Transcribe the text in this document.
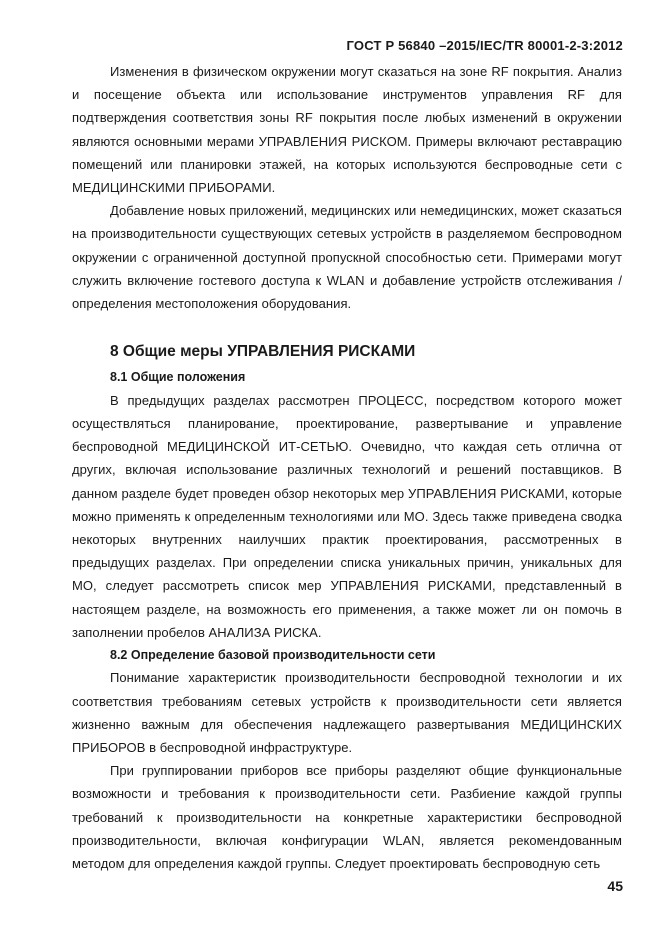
ГОСТ Р 56840 –2015/IEC/TR 80001-2-3:2012

Изменения в физическом окружении могут сказаться на зоне RF покрытия. Анализ и посещение объекта или использование инструментов управления RF для подтверждения соответствия зоны RF покрытия после любых изменений в окружении являются основными мерами УПРАВЛЕНИЯ РИСКОМ. Примеры включают реставрацию помещений или планировки этажей, на которых используются беспроводные сети с МЕДИЦИНСКИМИ ПРИБОРАМИ.

Добавление новых приложений, медицинских или немедицинских, может сказаться на производительности существующих сетевых устройств в разделяемом беспроводном окружении с ограниченной доступной пропускной способностью сети. Примерами могут служить включение гостевого доступа к WLAN и добавление устройств отслеживания / определения местоположения оборудования.

8 Общие меры УПРАВЛЕНИЯ РИСКАМИ
8.1 Общие положения

В предыдущих разделах рассмотрен ПРОЦЕСС, посредством которого может осуществляться планирование, проектирование, развертывание и управление беспроводной МЕДИЦИНСКОЙ ИТ-СЕТЬЮ. Очевидно, что каждая сеть отлична от других, включая использование различных технологий и решений поставщиков. В данном разделе будет проведен обзор некоторых мер УПРАВЛЕНИЯ РИСКАМИ, которые можно применять к определенным технологиями или МО. Здесь также приведена сводка некоторых внутренних наилучших практик проектирования, рассмотренных в предыдущих разделах. При определении списка уникальных причин, уникальных для МО, следует рассмотреть список мер УПРАВЛЕНИЯ РИСКАМИ, представленный в настоящем разделе, на возможность его применения, а также может ли он помочь в заполнении пробелов АНАЛИЗА РИСКА.

8.2 Определение базовой производительности сети

Понимание характеристик производительности беспроводной технологии и их соответствия требованиям сетевых устройств к производительности сети является жизненно важным для обеспечения надлежащего развертывания МЕДИЦИНСКИХ ПРИБОРОВ в беспроводной инфраструктуре.

При группировании приборов все приборы разделяют общие функциональные возможности и требования к производительности сети. Разбиение каждой группы требований к производительности на конкретные характеристики беспроводной производительности, включая конфигурации WLAN, является рекомендованным методом для определения каждой группы. Следует проектировать беспроводную сеть

45
